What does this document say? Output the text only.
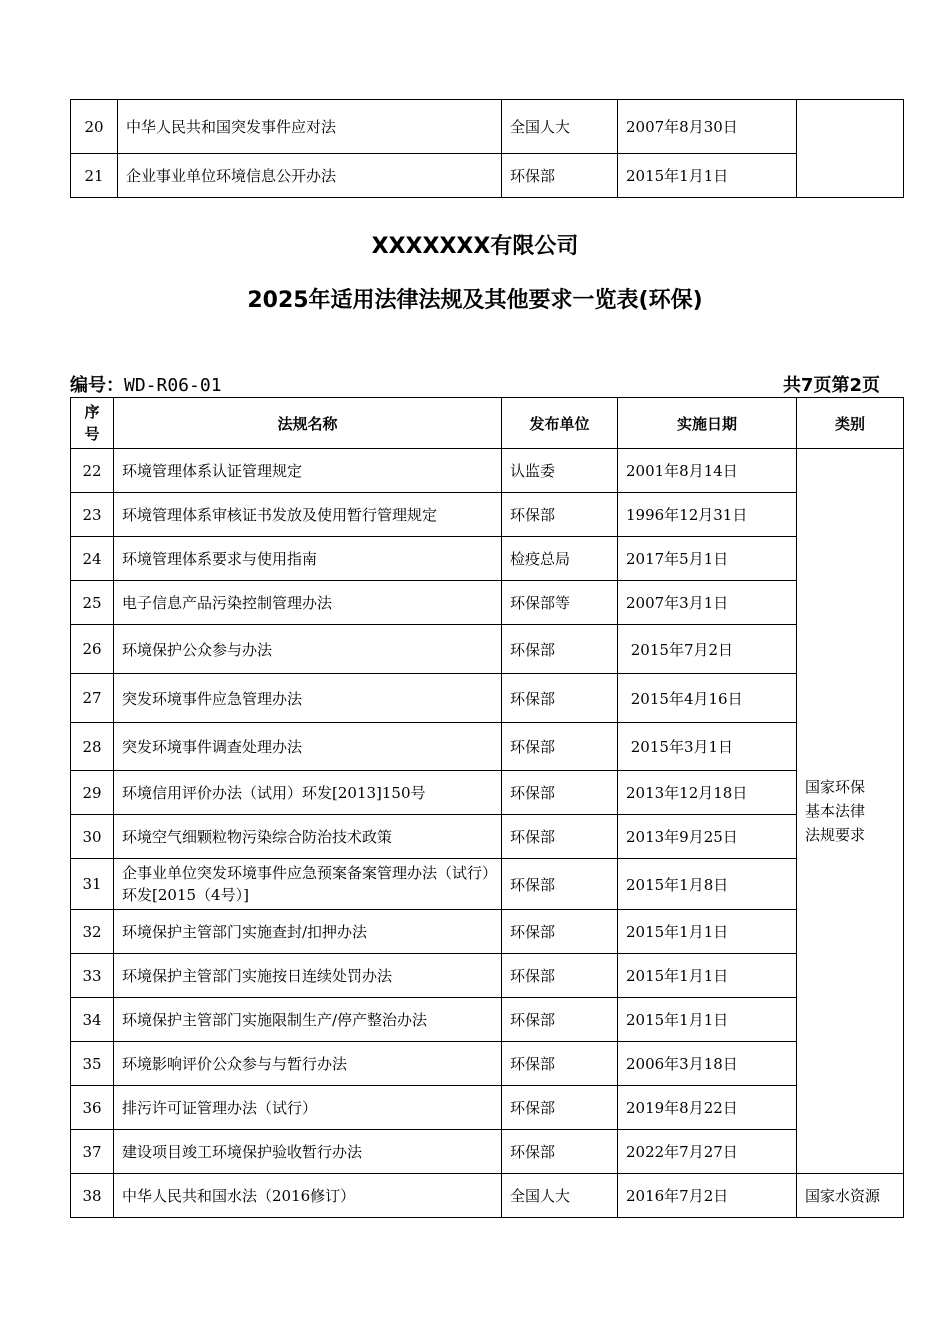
20	中华人民共和国突发事件应对法	全国人大	2007年8月30日	
21	企业事业单位环境信息公开办法	环保部	2015年1月1日	
XXXXXXX有限公司
2025年适用法律法规及其他要求一览表(环保)
编号：WD-R06-01	共7页第2页
序号	法规名称	发布单位	实施日期	类别
22	环境管理体系认证管理规定	认监委	2001年8月14日	国家环保基本法律法规要求
23	环境管理体系审核证书发放及使用暂行管理规定	环保部	1996年12月31日	
24	环境管理体系要求与使用指南	检疫总局	2017年5月1日	
25	电子信息产品污染控制管理办法	环保部等	2007年3月1日	
26	环境保护公众参与办法	环保部	2015年7月2日	
27	突发环境事件应急管理办法	环保部	2015年4月16日	
28	突发环境事件调查处理办法	环保部	2015年3月1日	
29	环境信用评价办法（试用）环发[2013]150号	环保部	2013年12月18日	
30	环境空气细颗粒物污染综合防治技术政策	环保部	2013年9月25日	
31	企事业单位突发环境事件应急预案备案管理办法（试行）环发[2015（4号）]	环保部	2015年1月8日	
32	环境保护主管部门实施查封/扣押办法	环保部	2015年1月1日	
33	环境保护主管部门实施按日连续处罚办法	环保部	2015年1月1日	
34	环境保护主管部门实施限制生产/停产整治办法	环保部	2015年1月1日	
35	环境影响评价公众参与与暂行办法	环保部	2006年3月18日	
36	排污许可证管理办法（试行）	环保部	2019年8月22日	
37	建设项目竣工环境保护验收暂行办法	环保部	2022年7月27日	
38	中华人民共和国水法（2016修订）	全国人大	2016年7月2日	国家水资源
